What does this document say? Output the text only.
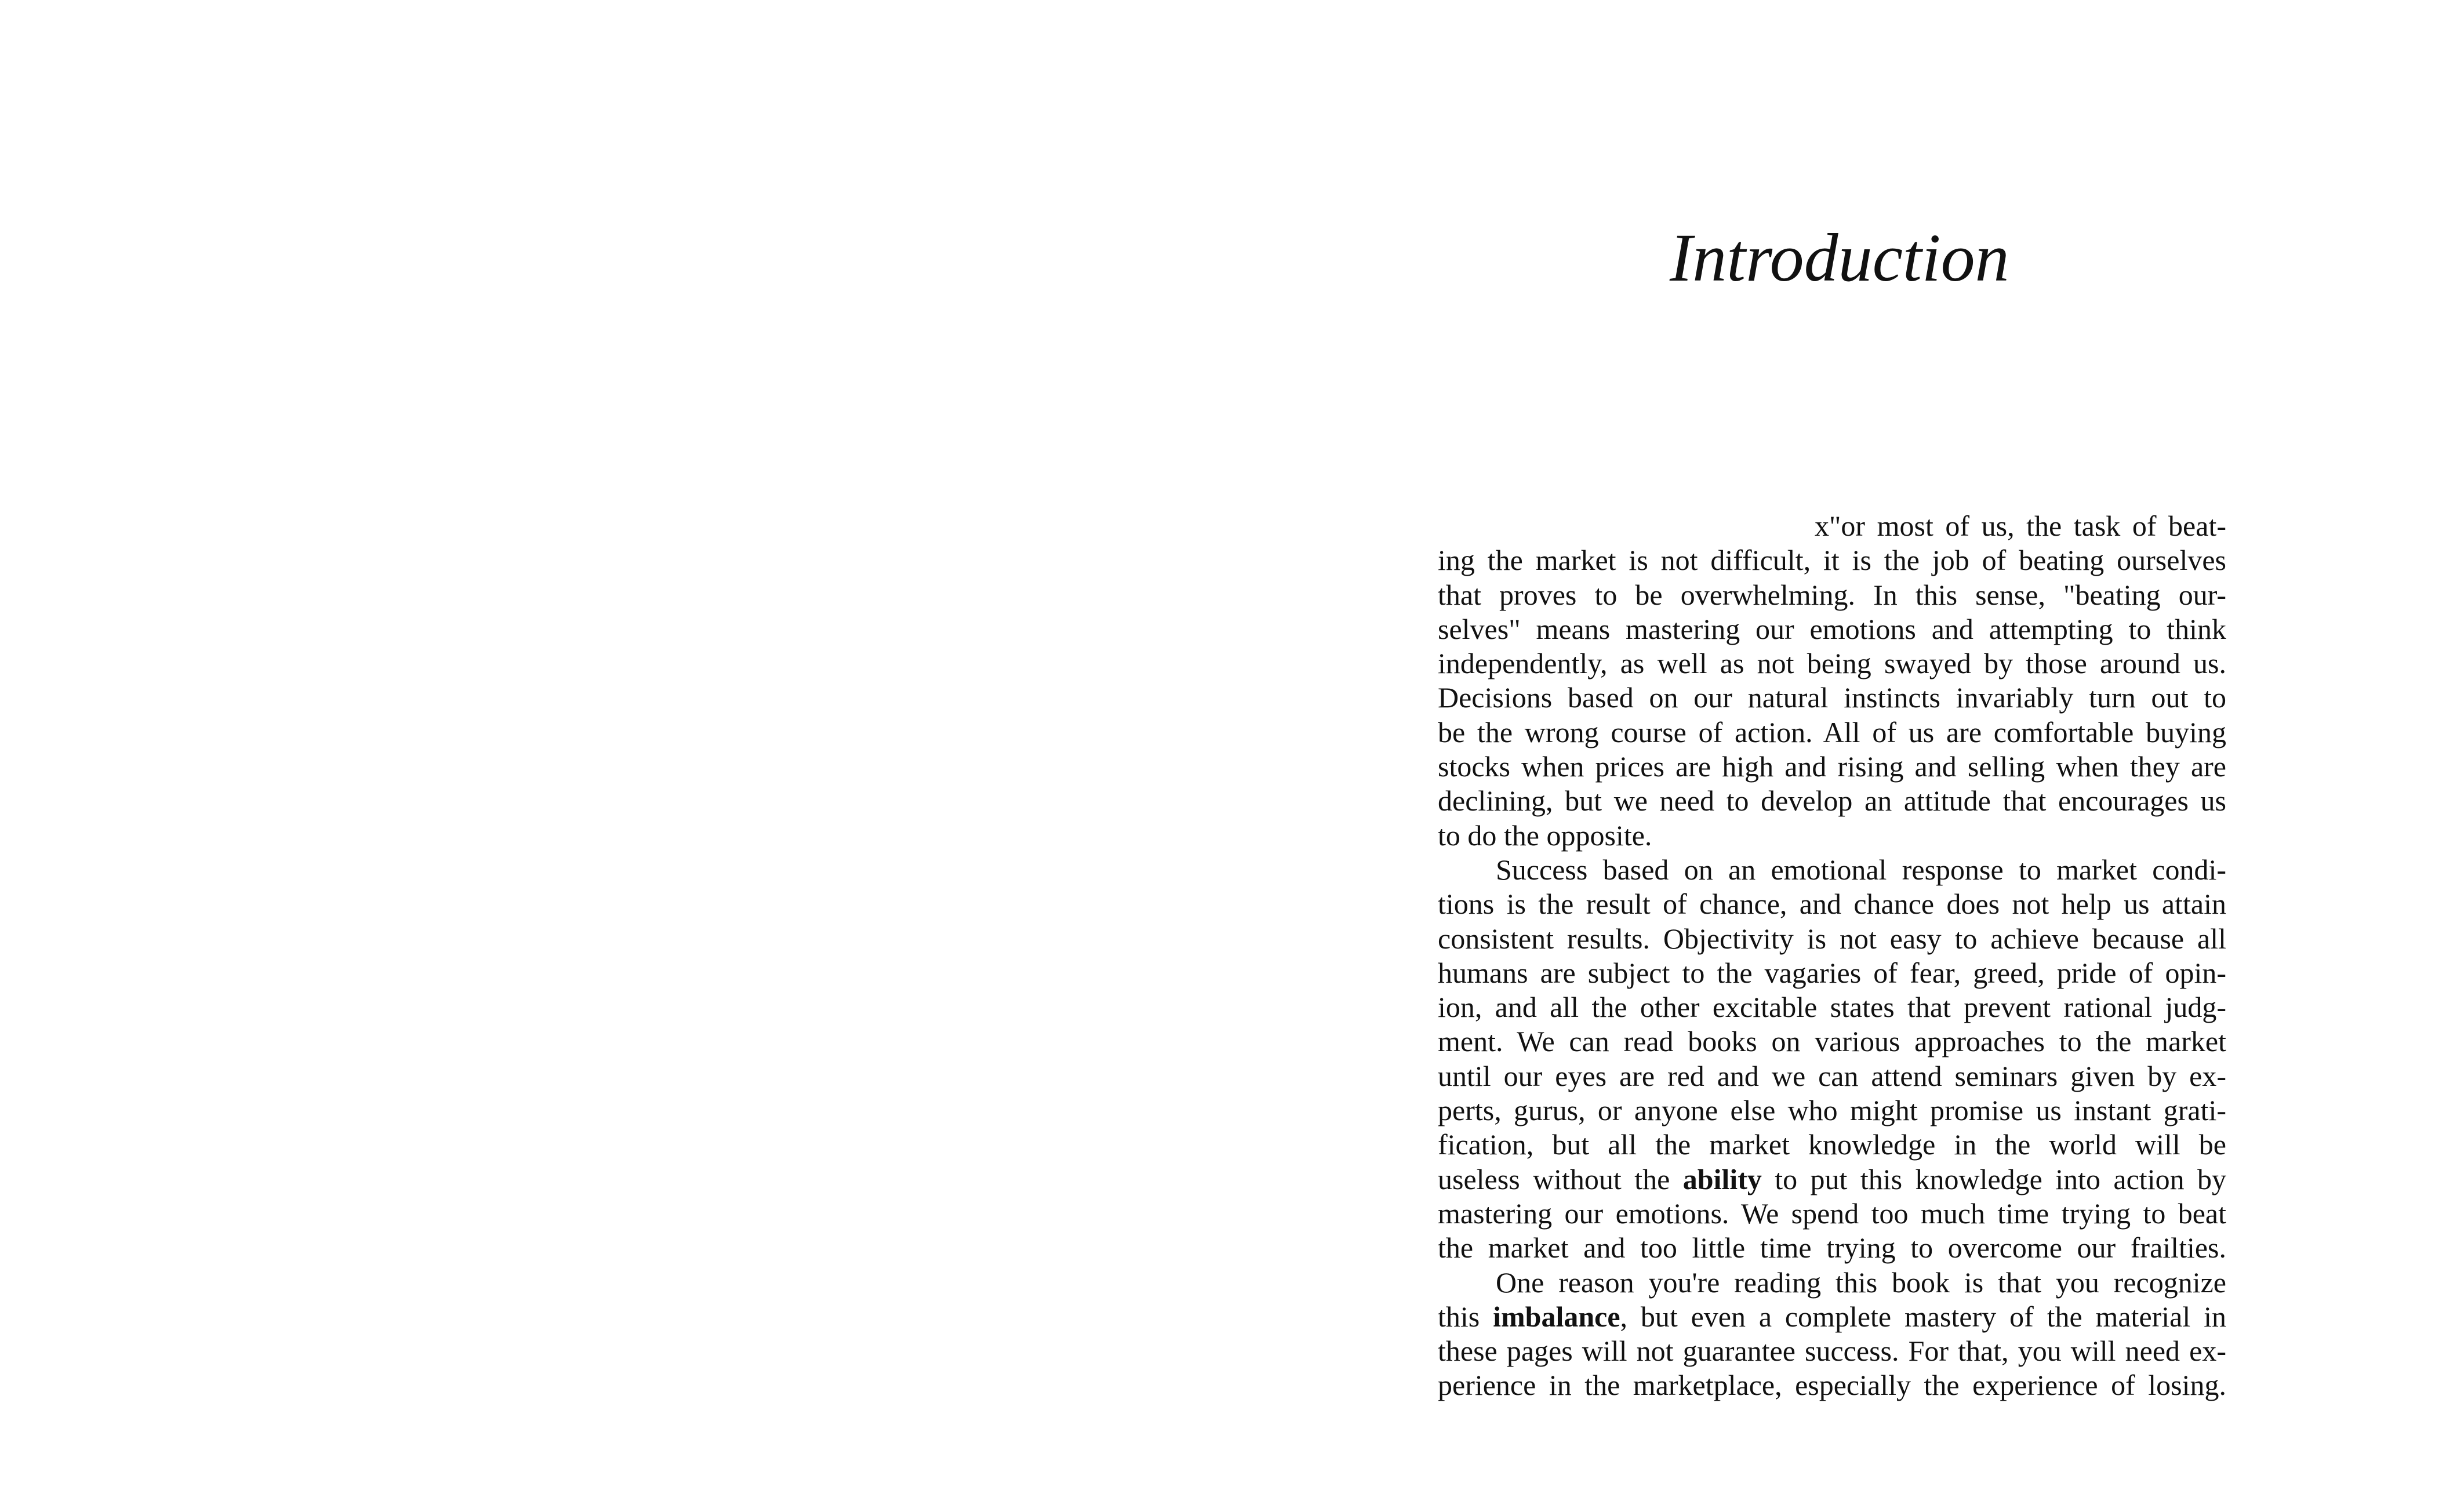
Introduction
x"or most of us, the task of beat-
ing the market is not difficult, it is the job of beating ourselves
that proves to be overwhelming. In this sense, "beating our-
selves" means mastering our emotions and attempting to think
independently, as well as not being swayed by those around us.
Decisions based on our natural instincts invariably turn out to
be the wrong course of action. All of us are comfortable buying
stocks when prices are high and rising and selling when they are
declining, but we need to develop an attitude that encourages us
to do the opposite.
Success based on an emotional response to market condi-
tions is the result of chance, and chance does not help us attain
consistent results. Objectivity is not easy to achieve because all
humans are subject to the vagaries of fear, greed, pride of opin-
ion, and all the other excitable states that prevent rational judg-
ment. We can read books on various approaches to the market
until our eyes are red and we can attend seminars given by ex-
perts, gurus, or anyone else who might promise us instant grati-
fication, but all the market knowledge in the world will be
useless without the ability to put this knowledge into action by
mastering our emotions. We spend too much time trying to beat
the market and too little time trying to overcome our frailties.
One reason you're reading this book is that you recognize
this imbalance, but even a complete mastery of the material in
these pages will not guarantee success. For that, you will need ex-
perience in the marketplace, especially the experience of losing.
